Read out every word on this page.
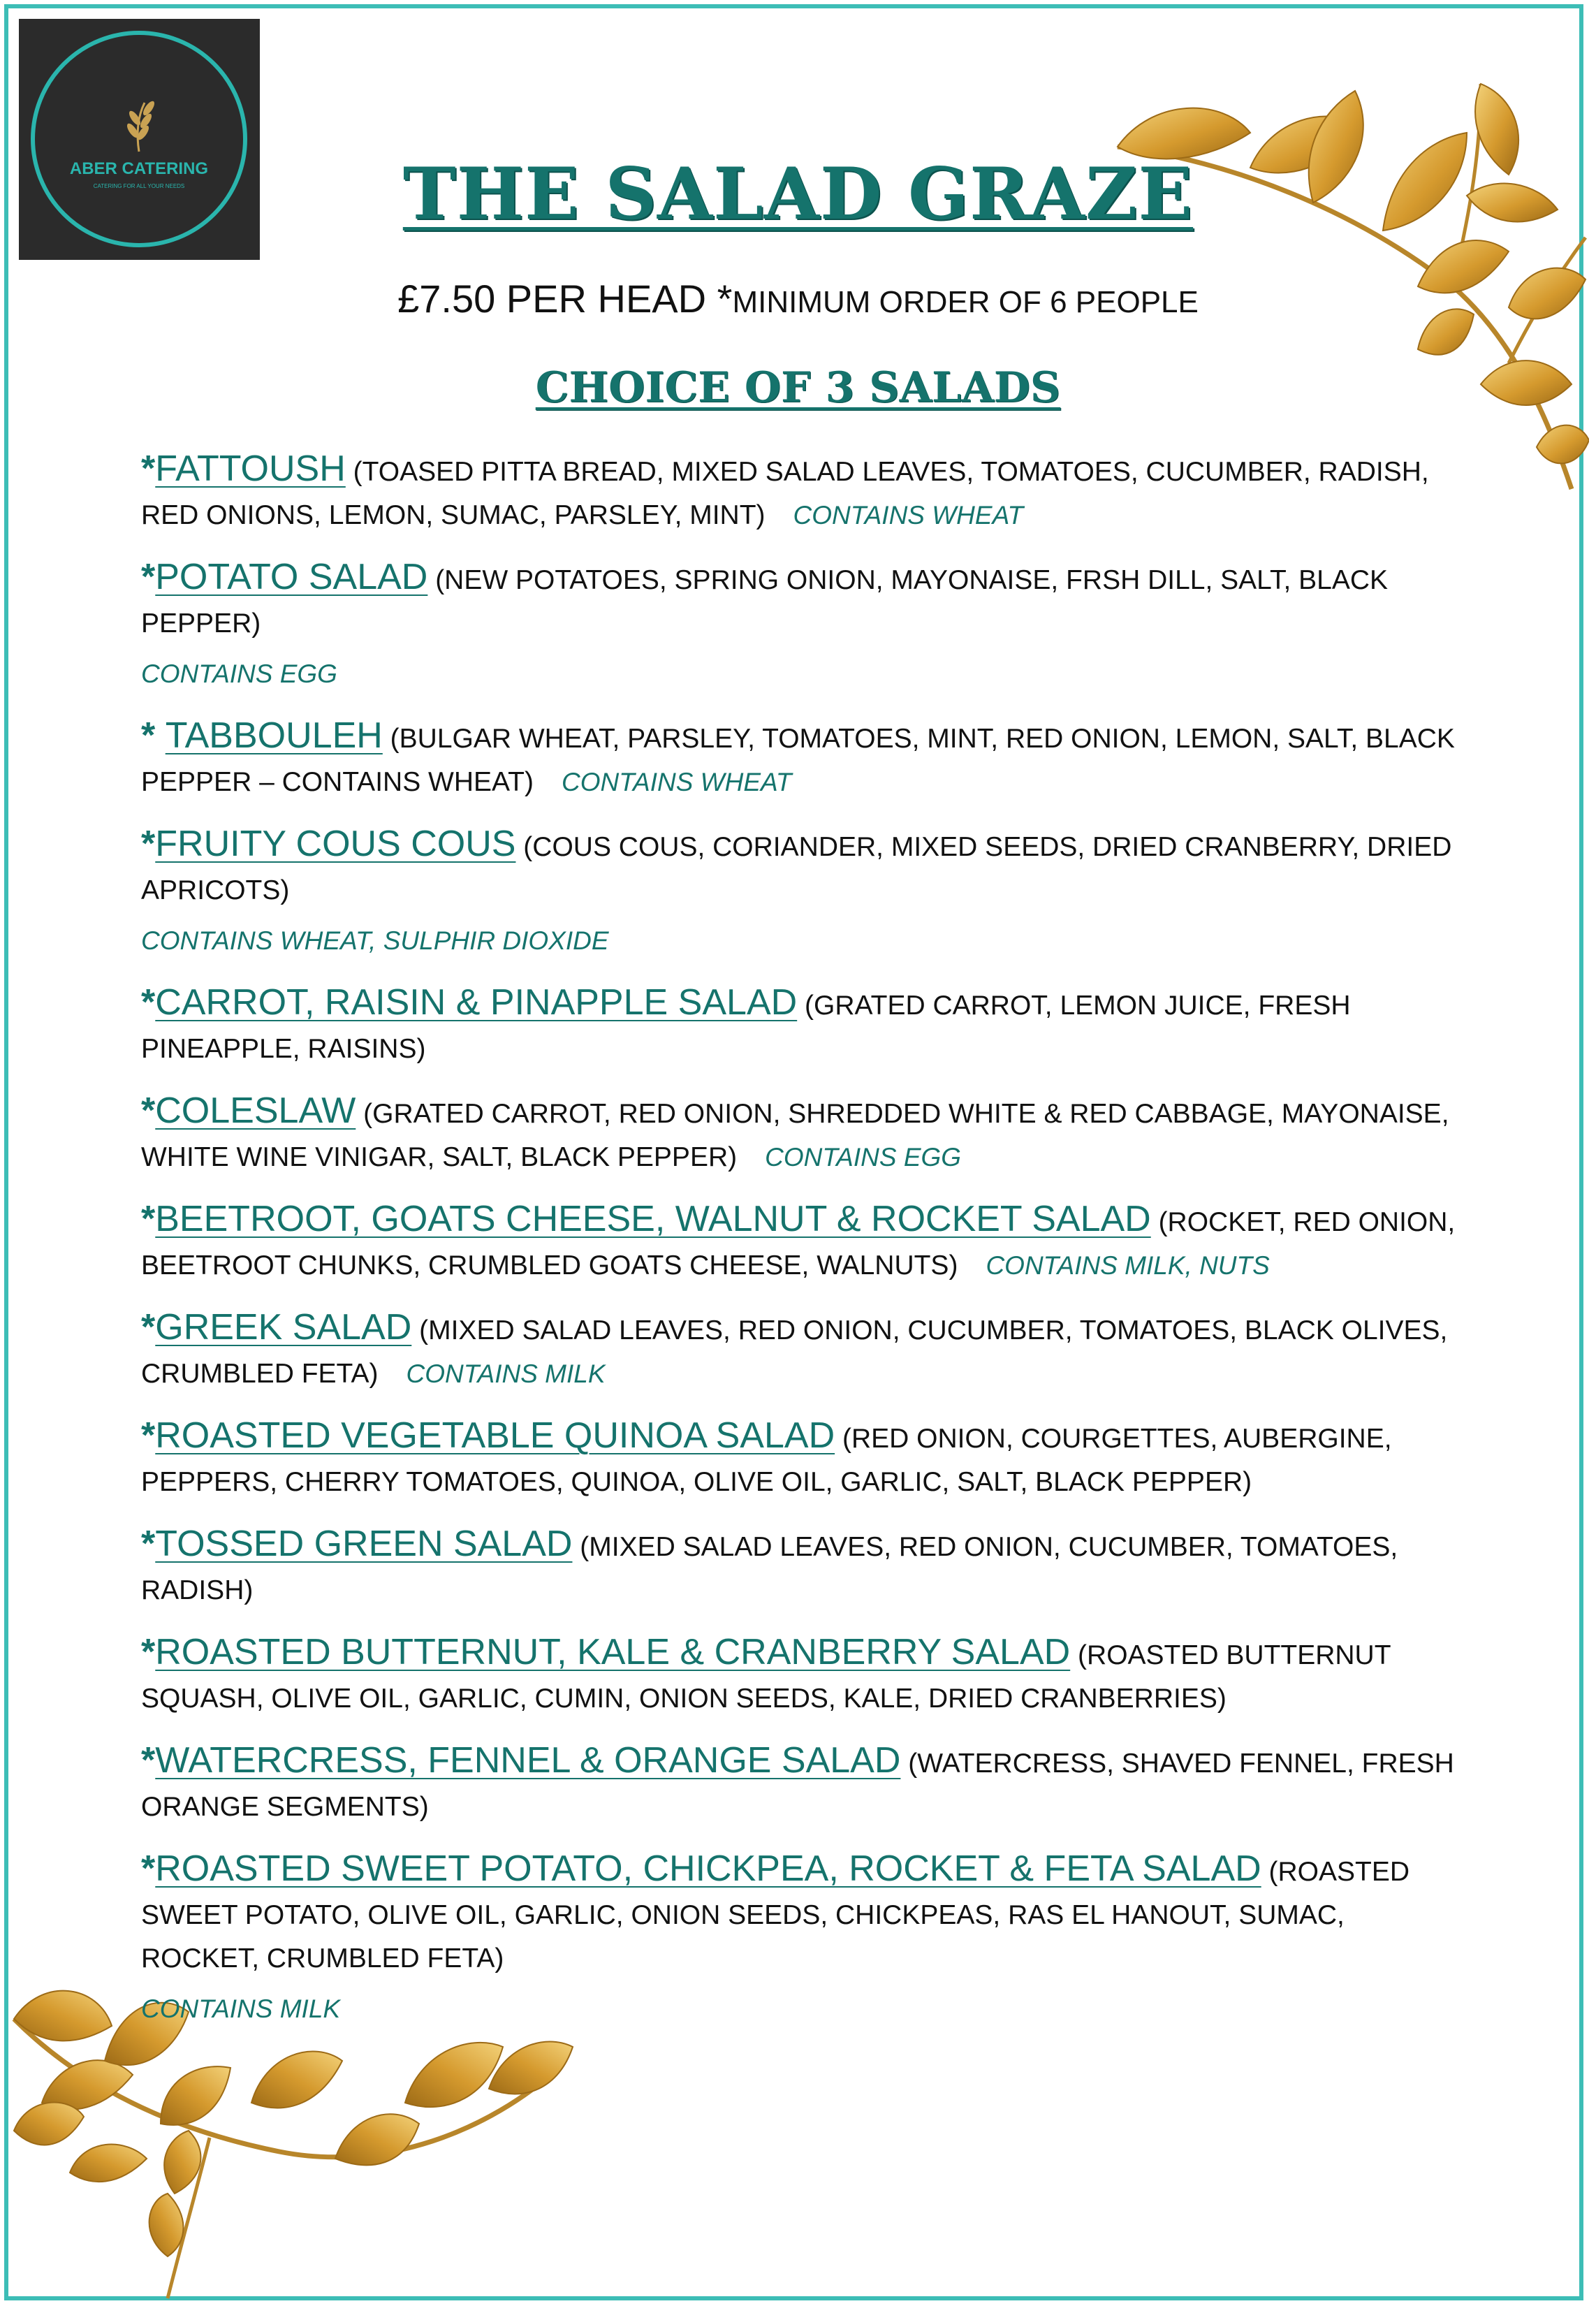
ABER CATERING
CATERING FOR ALL YOUR NEEDS	THE SALAD GRAZE
£7.50 PER HEAD *MINIMUM ORDER OF 6 PEOPLE
CHOICE OF 3 SALADS
*FATTOUSH (TOASED PITTA BREAD, MIXED SALAD LEAVES, TOMATOES, CUCUMBER, RADISH, RED ONIONS, LEMON, SUMAC, PARSLEY, MINT) CONTAINS WHEAT
*POTATO SALAD (NEW POTATOES, SPRING ONION, MAYONAISE, FRSH DILL, SALT, BLACK PEPPER)
CONTAINS EGG
* TABBOULEH (BULGAR WHEAT, PARSLEY, TOMATOES, MINT, RED ONION, LEMON, SALT, BLACK PEPPER – CONTAINS WHEAT) CONTAINS WHEAT
*FRUITY COUS COUS (COUS COUS, CORIANDER, MIXED SEEDS, DRIED CRANBERRY, DRIED APRICOTS)
CONTAINS WHEAT, SULPHIR DIOXIDE
*CARROT, RAISIN & PINAPPLE SALAD (GRATED CARROT, LEMON JUICE, FRESH PINEAPPLE, RAISINS)
*COLESLAW (GRATED CARROT, RED ONION, SHREDDED WHITE & RED CABBAGE, MAYONAISE, WHITE WINE VINIGAR, SALT, BLACK PEPPER) CONTAINS EGG
*BEETROOT, GOATS CHEESE, WALNUT & ROCKET SALAD (ROCKET, RED ONION, BEETROOT CHUNKS, CRUMBLED GOATS CHEESE, WALNUTS) CONTAINS MILK, NUTS
*GREEK SALAD (MIXED SALAD LEAVES, RED ONION, CUCUMBER, TOMATOES, BLACK OLIVES, CRUMBLED FETA) CONTAINS MILK
*ROASTED VEGETABLE QUINOA SALAD (RED ONION, COURGETTES, AUBERGINE, PEPPERS, CHERRY TOMATOES, QUINOA, OLIVE OIL, GARLIC, SALT, BLACK PEPPER)
*TOSSED GREEN SALAD (MIXED SALAD LEAVES, RED ONION, CUCUMBER, TOMATOES, RADISH)
*ROASTED BUTTERNUT, KALE & CRANBERRY SALAD (ROASTED BUTTERNUT SQUASH, OLIVE OIL, GARLIC, CUMIN, ONION SEEDS, KALE, DRIED CRANBERRIES)
*WATERCRESS, FENNEL & ORANGE SALAD (WATERCRESS, SHAVED FENNEL, FRESH ORANGE SEGMENTS)
*ROASTED SWEET POTATO, CHICKPEA, ROCKET & FETA SALAD (ROASTED SWEET POTATO, OLIVE OIL, GARLIC, ONION SEEDS, CHICKPEAS, RAS EL HANOUT, SUMAC, ROCKET, CRUMBLED FETA)
CONTAINS MILK
